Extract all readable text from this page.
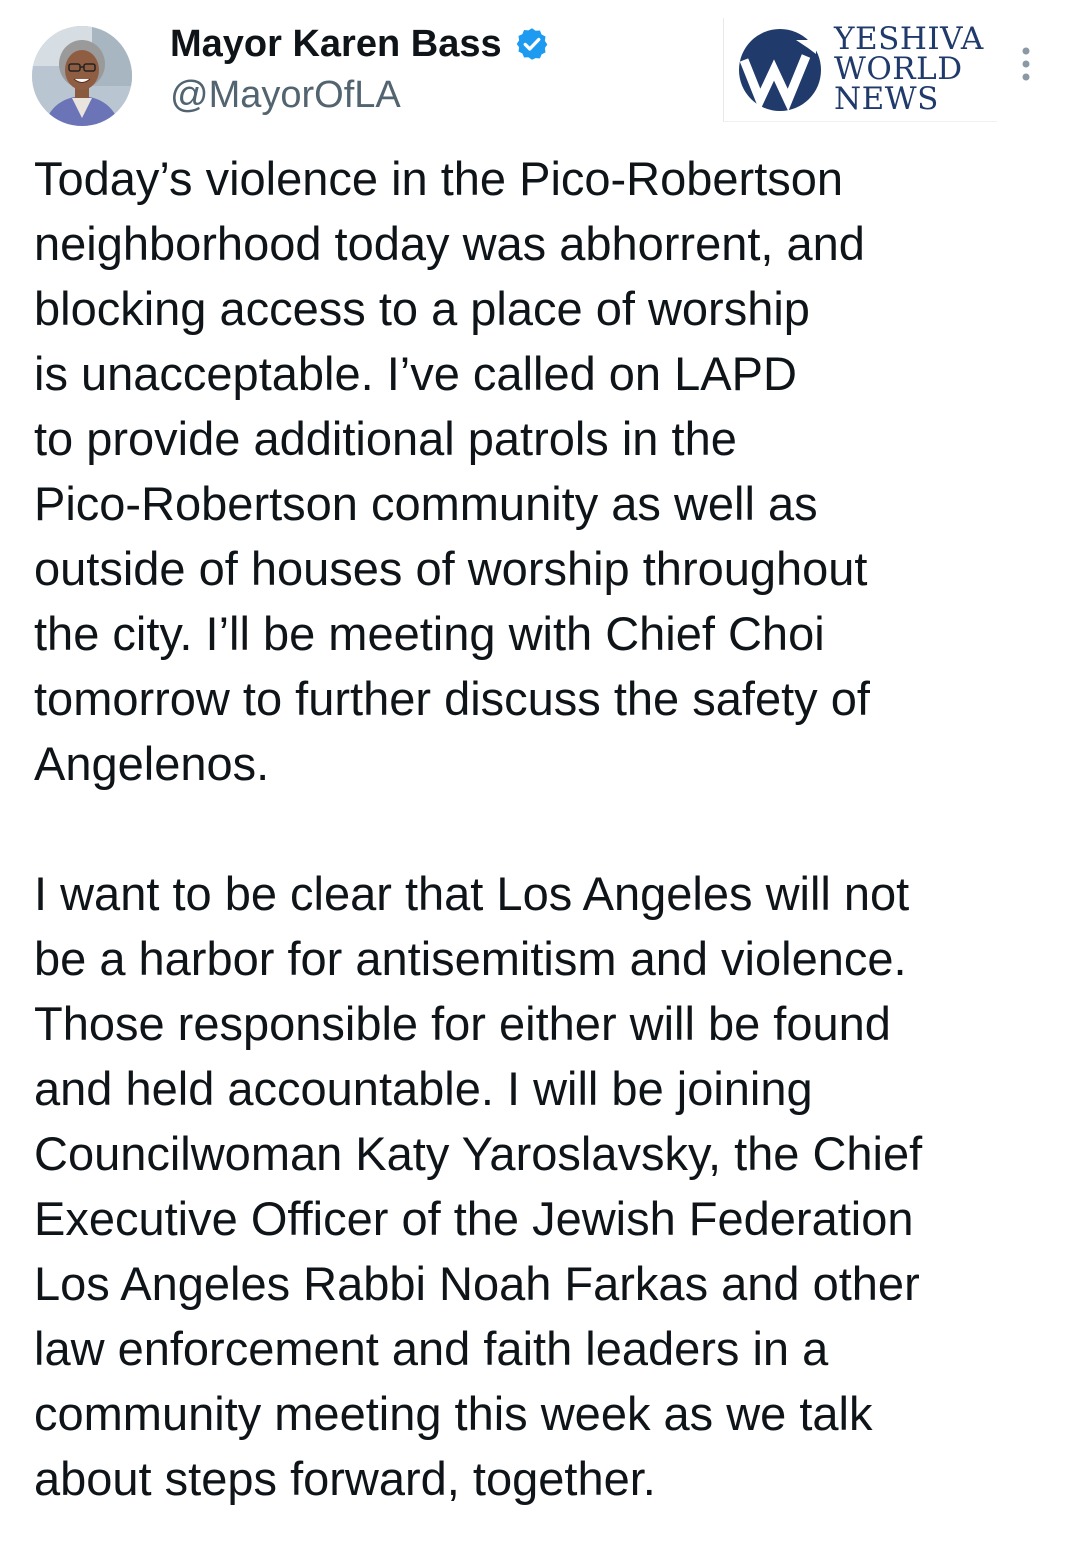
Mayor Karen Bass
@MayorOfLA
YESHIVA
WORLD
NEWS

Today’s violence in the Pico-Robertson
neighborhood today was abhorrent, and
blocking access to a place of worship
is unacceptable. I’ve called on LAPD
to provide additional patrols in the
Pico-Robertson community as well as
outside of houses of worship throughout
the city. I’ll be meeting with Chief Choi
tomorrow to further discuss the safety of
Angelenos.

I want to be clear that Los Angeles will not
be a harbor for antisemitism and violence.
Those responsible for either will be found
and held accountable. I will be joining
Councilwoman Katy Yaroslavsky, the Chief
Executive Officer of the Jewish Federation
Los Angeles Rabbi Noah Farkas and other
law enforcement and faith leaders in a
community meeting this week as we talk
about steps forward, together.
